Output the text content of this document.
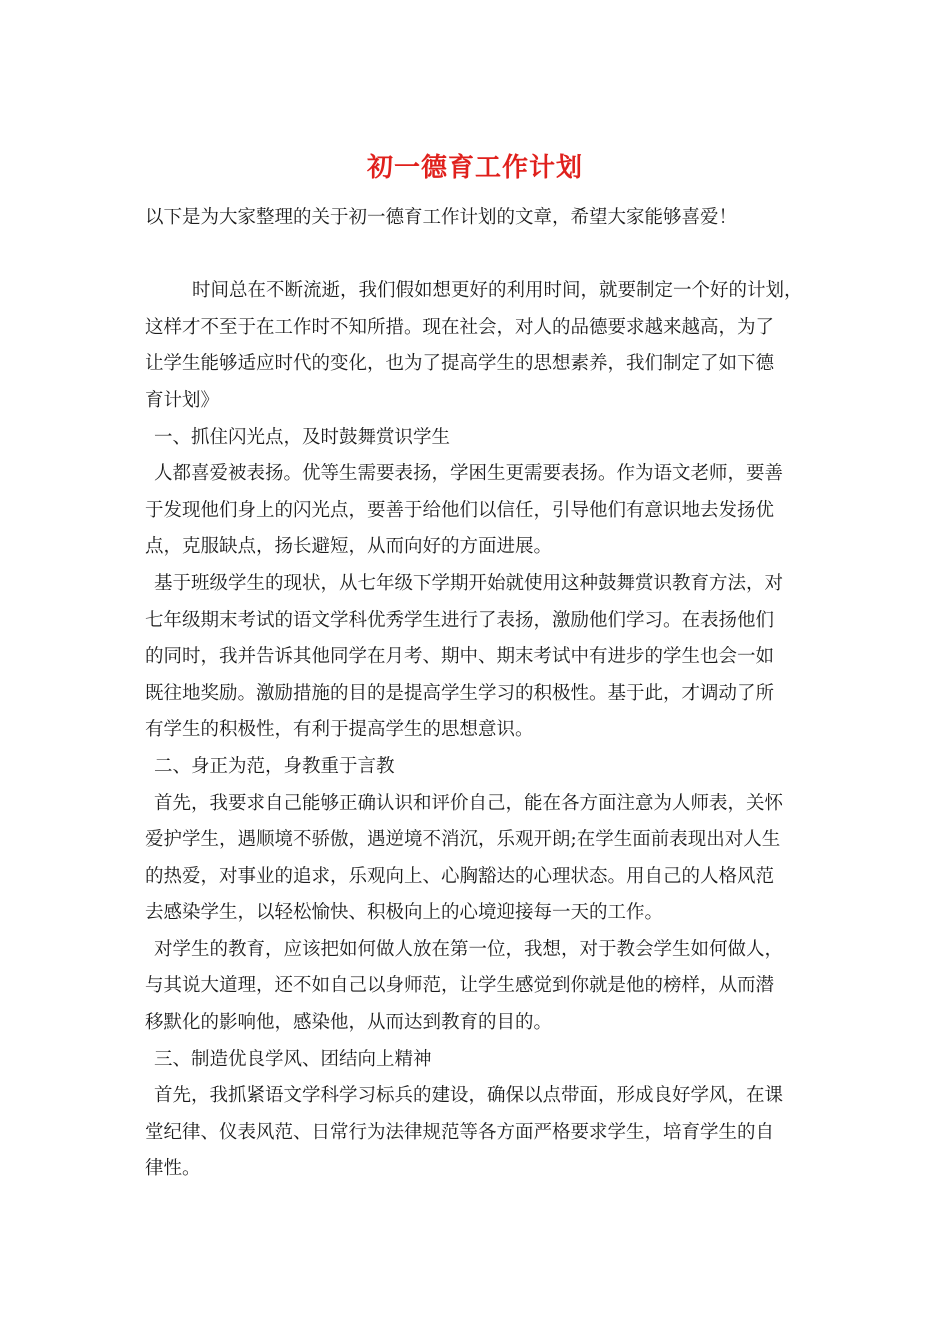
初一德育工作计划
以下是为大家整理的关于初一德育工作计划的文章，希望大家能够喜爱！
时间总在不断流逝，我们假如想更好的利用时间，就要制定一个好的计划，
这样才不至于在工作时不知所措。现在社会，对人的品德要求越来越高，为了
让学生能够适应时代的变化，也为了提高学生的思想素养，我们制定了如下德
育计划》
一、抓住闪光点，及时鼓舞赏识学生
人都喜爱被表扬。优等生需要表扬，学困生更需要表扬。作为语文老师，要善
于发现他们身上的闪光点，要善于给他们以信任，引导他们有意识地去发扬优
点，克服缺点，扬长避短，从而向好的方面进展。
基于班级学生的现状，从七年级下学期开始就使用这种鼓舞赏识教育方法，对
七年级期末考试的语文学科优秀学生进行了表扬，激励他们学习。在表扬他们
的同时，我并告诉其他同学在月考、期中、期末考试中有进步的学生也会一如
既往地奖励。激励措施的目的是提高学生学习的积极性。基于此，才调动了所
有学生的积极性，有利于提高学生的思想意识。
二、身正为范，身教重于言教
首先，我要求自己能够正确认识和评价自己，能在各方面注意为人师表，关怀
爱护学生，遇顺境不骄傲，遇逆境不消沉，乐观开朗;在学生面前表现出对人生
的热爱，对事业的追求，乐观向上、心胸豁达的心理状态。用自己的人格风范
去感染学生，以轻松愉快、积极向上的心境迎接每一天的工作。
对学生的教育，应该把如何做人放在第一位，我想，对于教会学生如何做人，
与其说大道理，还不如自己以身师范，让学生感觉到你就是他的榜样，从而潜
移默化的影响他，感染他，从而达到教育的目的。
三、制造优良学风、团结向上精神
首先，我抓紧语文学科学习标兵的建设，确保以点带面，形成良好学风，在课
堂纪律、仪表风范、日常行为法律规范等各方面严格要求学生，培育学生的自
律性。
